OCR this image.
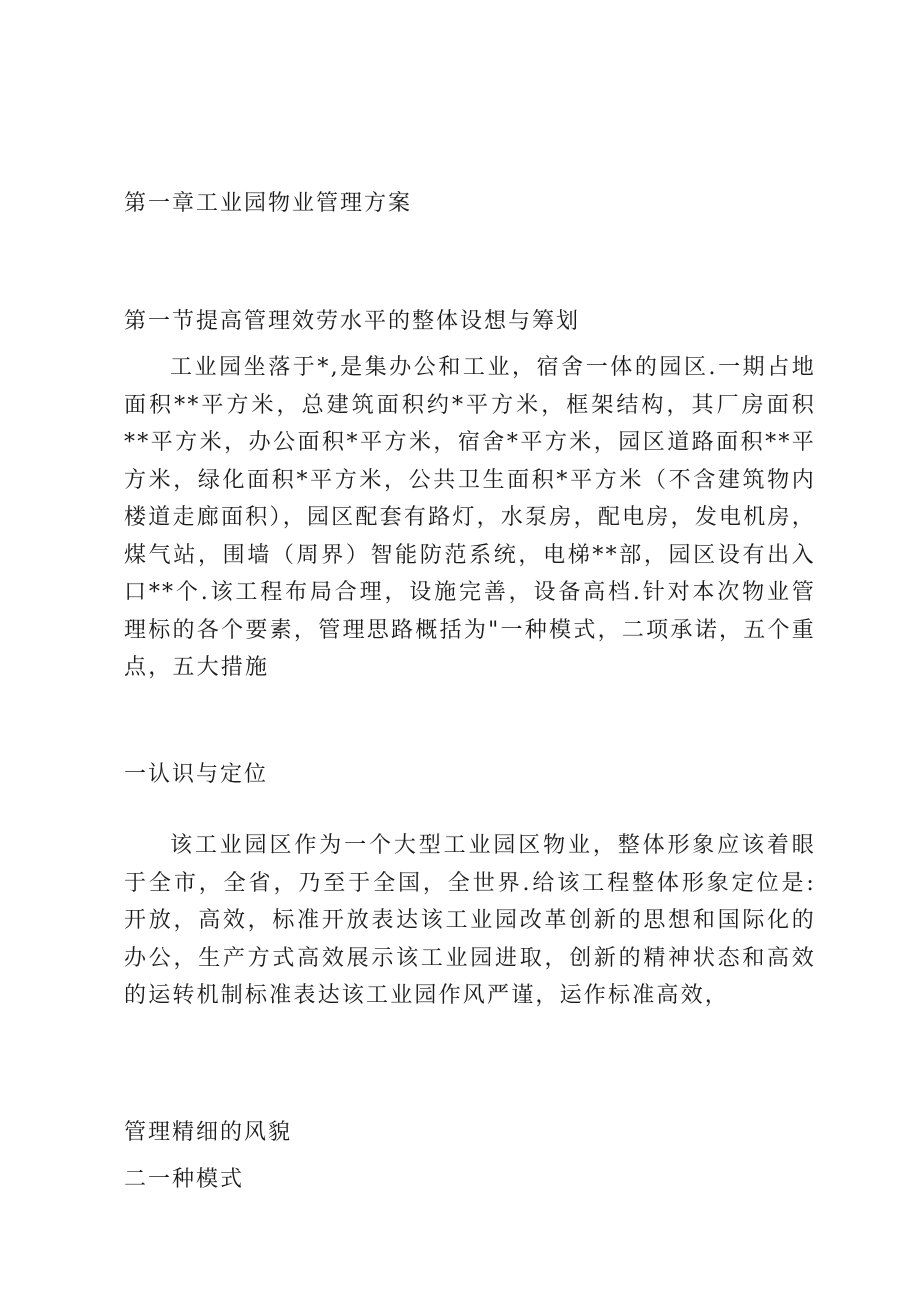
第一章工业园物业管理方案
第一节提高管理效劳水平的整体设想与筹划

工业园坐落于*,是集办公和工业，宿舍一体的园区.一期占地面积**平方米，总建筑面积约*平方米，框架结构，其厂房面积**平方米，办公面积*平方米，宿舍*平方米，园区道路面积**平方米，绿化面积*平方米，公共卫生面积*平方米（不含建筑物内楼道走廊面积），园区配套有路灯，水泵房，配电房，发电机房，煤气站，围墙（周界）智能防范系统，电梯**部，园区设有出入口**个.该工程布局合理，设施完善，设备高档.针对本次物业管理标的各个要素，管理思路概括为"一种模式，二项承诺，五个重点，五大措施

一认识与定位

该工业园区作为一个大型工业园区物业，整体形象应该着眼于全市，全省，乃至于全国，全世界.给该工程整体形象定位是:开放，高效，标准开放表达该工业园改革创新的思想和国际化的办公，生产方式高效展示该工业园进取，创新的精神状态和高效的运转机制标准表达该工业园作风严谨，运作标准高效，

管理精细的风貌
二一种模式
